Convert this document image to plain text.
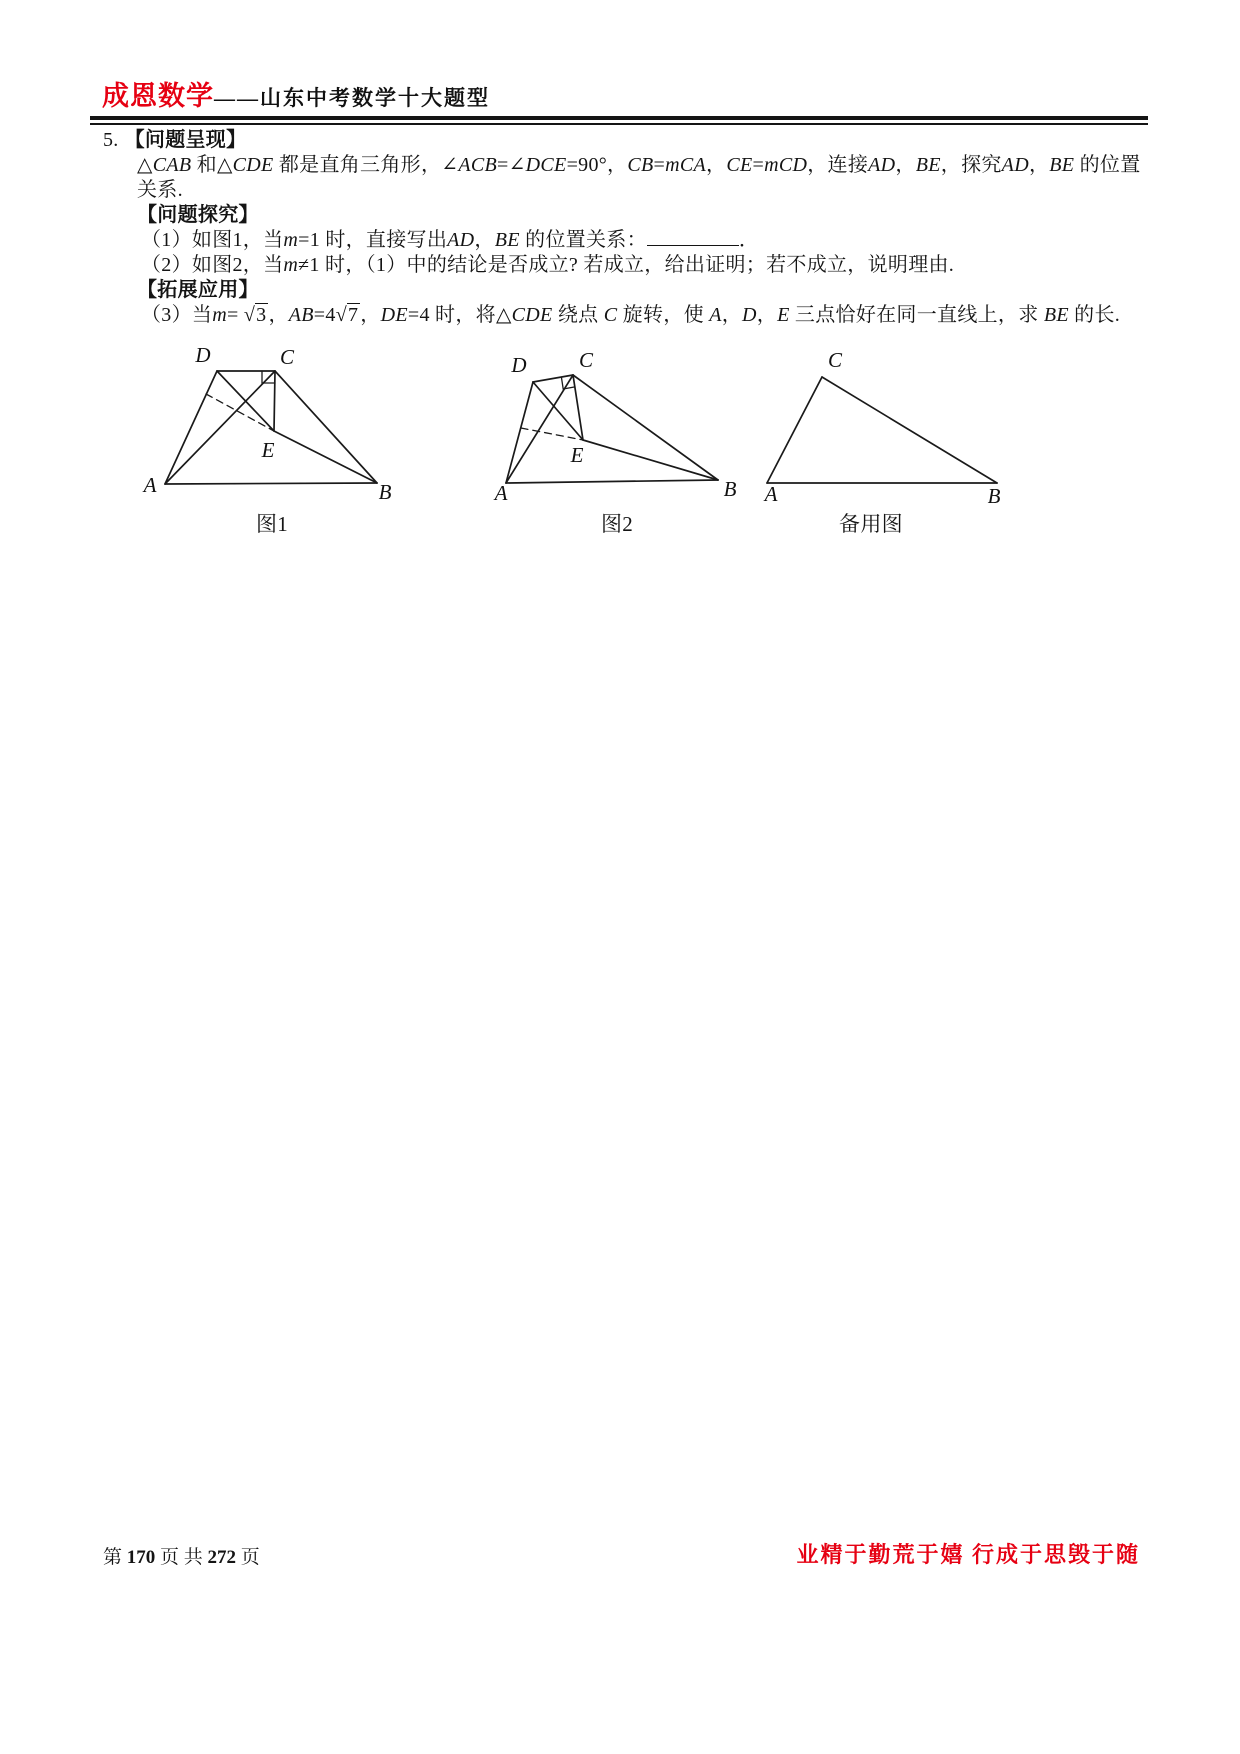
成恩数学 ——山东中考数学十大题型
5. 【问题呈现】
△CAB 和△CDE 都是直角三角形，∠ACB=∠DCE=90°，CB=mCA，CE=mCD，连接AD，BE，探究AD，BE 的位置
关系.
【问题探究】
（1）如图1，当m=1 时，直接写出AD，BE 的位置关系：	．
（2）如图2，当m≠1 时，（1）中的结论是否成立? 若成立，给出证明；若不成立，说明理由.
【拓展应用】
（3）当m= √3 ，AB=4√7 ，DE=4 时，将△CDE 绕点 C 旋转，使 A，D，E 三点恰好在同一直线上，求 BE 的长.
A	B
C
D
E
A	B
C
D
E
A	B
C
图1	图2	备用图
第 170 页 共 272 页	业精于勤荒于嬉 行成于思毁于随
